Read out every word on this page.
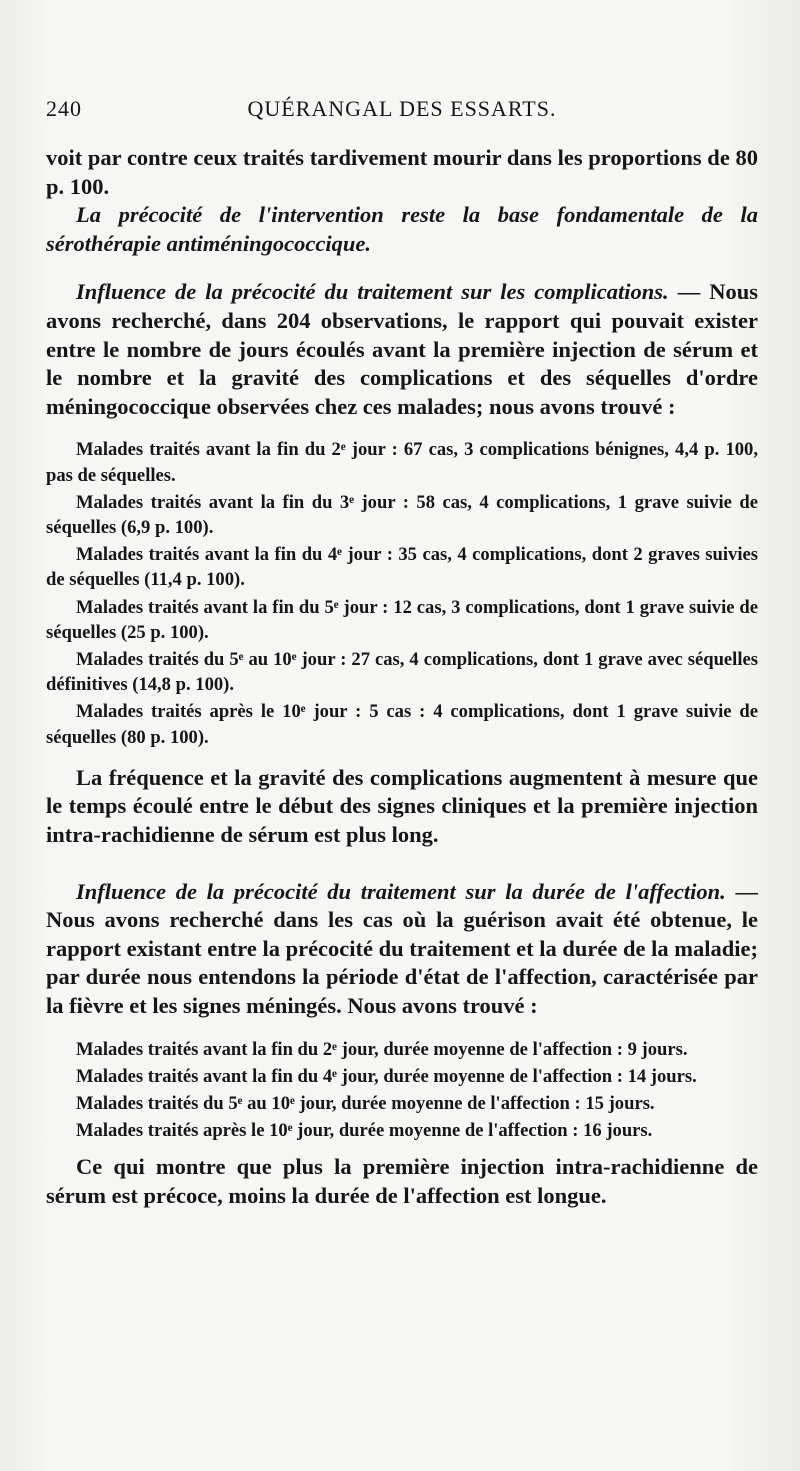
240	QUÉRANGAL DES ESSARTS.

voit par contre ceux traités tardivement mourir dans les proportions de 80 p. 100.

La précocité de l'intervention reste la base fondamentale de la sérothérapie antiméningococcique.

Influence de la précocité du traitement sur les complications. — Nous avons recherché, dans 204 observations, le rapport qui pouvait exister entre le nombre de jours écoulés avant la première injection de sérum et le nombre et la gravité des complications et des séquelles d'ordre méningococcique observées chez ces malades; nous avons trouvé :

Malades traités avant la fin du 2ᵉ jour : 67 cas, 3 complications bénignes, 4,4 p. 100, pas de séquelles.

Malades traités avant la fin du 3ᵉ jour : 58 cas, 4 complications, 1 grave suivie de séquelles (6,9 p. 100).

Malades traités avant la fin du 4ᵉ jour : 35 cas, 4 complications, dont 2 graves suivies de séquelles (11,4 p. 100).

Malades traités avant la fin du 5ᵉ jour : 12 cas, 3 complications, dont 1 grave suivie de séquelles (25 p. 100).

Malades traités du 5ᵉ au 10ᵉ jour : 27 cas, 4 complications, dont 1 grave avec séquelles définitives (14,8 p. 100).

Malades traités après le 10ᵉ jour : 5 cas : 4 complications, dont 1 grave suivie de séquelles (80 p. 100).

La fréquence et la gravité des complications augmentent à mesure que le temps écoulé entre le début des signes cliniques et la première injection intra-rachidienne de sérum est plus long.

Influence de la précocité du traitement sur la durée de l'affection. — Nous avons recherché dans les cas où la guérison avait été obtenue, le rapport existant entre la précocité du traitement et la durée de la maladie; par durée nous entendons la période d'état de l'affection, caractérisée par la fièvre et les signes méningés. Nous avons trouvé :

Malades traités avant la fin du 2ᵉ jour, durée moyenne de l'affection : 9 jours.

Malades traités avant la fin du 4ᵉ jour, durée moyenne de l'affection : 14 jours.

Malades traités du 5ᵉ au 10ᵉ jour, durée moyenne de l'affection : 15 jours.

Malades traités après le 10ᵉ jour, durée moyenne de l'affection : 16 jours.

Ce qui montre que plus la première injection intra-rachidienne de sérum est précoce, moins la durée de l'affection est longue.
